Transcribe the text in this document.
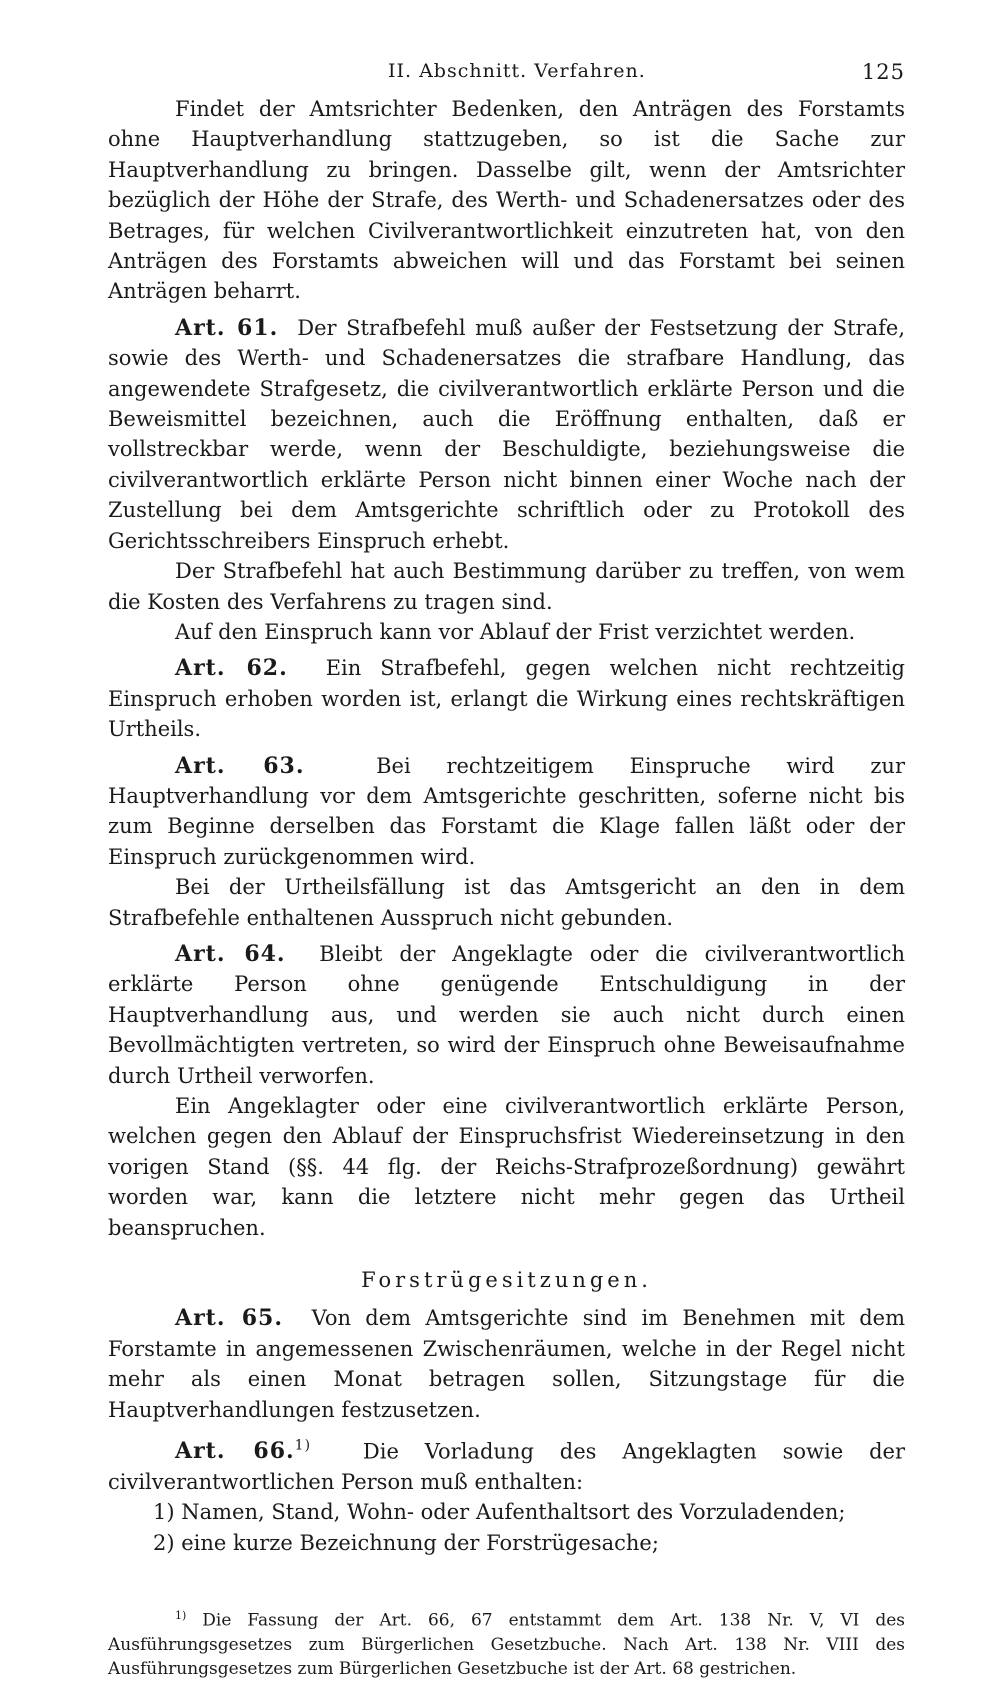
II. Abschnitt. Verfahren.	125

Findet der Amtsrichter Bedenken, den Anträgen des Forstamts ohne Hauptverhandlung stattzugeben, so ist die Sache zur Hauptverhandlung zu bringen. Dasselbe gilt, wenn der Amtsrichter bezüglich der Höhe der Strafe, des Werth- und Schadenersatzes oder des Betrages, für welchen Civilverantwortlichkeit einzutreten hat, von den Anträgen des Forstamts abweichen will und das Forstamt bei seinen Anträgen beharrt.

Art. 61. Der Strafbefehl muß außer der Festsetzung der Strafe, sowie des Werth- und Schadenersatzes die strafbare Handlung, das angewendete Strafgesetz, die civilverantwortlich erklärte Person und die Beweismittel bezeichnen, auch die Eröffnung enthalten, daß er vollstreckbar werde, wenn der Beschuldigte, beziehungsweise die civilverantwortlich erklärte Person nicht binnen einer Woche nach der Zustellung bei dem Amtsgerichte schriftlich oder zu Protokoll des Gerichtsschreibers Einspruch erhebt.

Der Strafbefehl hat auch Bestimmung darüber zu treffen, von wem die Kosten des Verfahrens zu tragen sind.

Auf den Einspruch kann vor Ablauf der Frist verzichtet werden.

Art. 62. Ein Strafbefehl, gegen welchen nicht rechtzeitig Einspruch erhoben worden ist, erlangt die Wirkung eines rechtskräftigen Urtheils.

Art. 63.	Bei rechtzeitigem Einspruche wird zur Hauptverhandlung vor dem Amtsgerichte geschritten, soferne nicht bis zum Beginne derselben das Forstamt die Klage fallen läßt oder der Einspruch zurückgenommen wird.

Bei der Urtheilsfällung ist das Amtsgericht an den in dem Strafbefehle enthaltenen Ausspruch nicht gebunden.

Art. 64. Bleibt der Angeklagte oder die civilverantwortlich erklärte Person ohne genügende Entschuldigung in der Hauptverhandlung aus, und werden sie auch nicht durch einen Bevollmächtigten vertreten, so wird der Einspruch ohne Beweisaufnahme durch Urtheil verworfen.

Ein Angeklagter oder eine civilverantwortlich erklärte Person, welchen gegen den Ablauf der Einspruchsfrist Wiedereinsetzung in den vorigen Stand (§§. 44 flg. der Reichs-Strafprozeßordnung) gewährt worden war, kann die letztere nicht mehr gegen das Urtheil beanspruchen.

Forstrügesitzungen.

Art. 65. Von dem Amtsgerichte sind im Benehmen mit dem Forstamte in angemessenen Zwischenräumen, welche in der Regel nicht mehr als einen Monat betragen sollen, Sitzungstage für die Hauptverhandlungen festzusetzen.

Art. 66.$^{1)}$ Die Vorladung des Angeklagten sowie der civilverantwortlichen Person muß enthalten:

1) Namen, Stand, Wohn- oder Aufenthaltsort des Vorzuladenden;

2) eine kurze Bezeichnung der Forstrügesache;

$^{1)}$ Die Fassung der Art. 66, 67 entstammt dem Art. 138 Nr. V, VI des Ausführungsgesetzes zum Bürgerlichen Gesetzbuche. Nach Art. 138 Nr. VIII des Ausführungsgesetzes zum Bürgerlichen Gesetzbuche ist der Art. 68 gestrichen.
